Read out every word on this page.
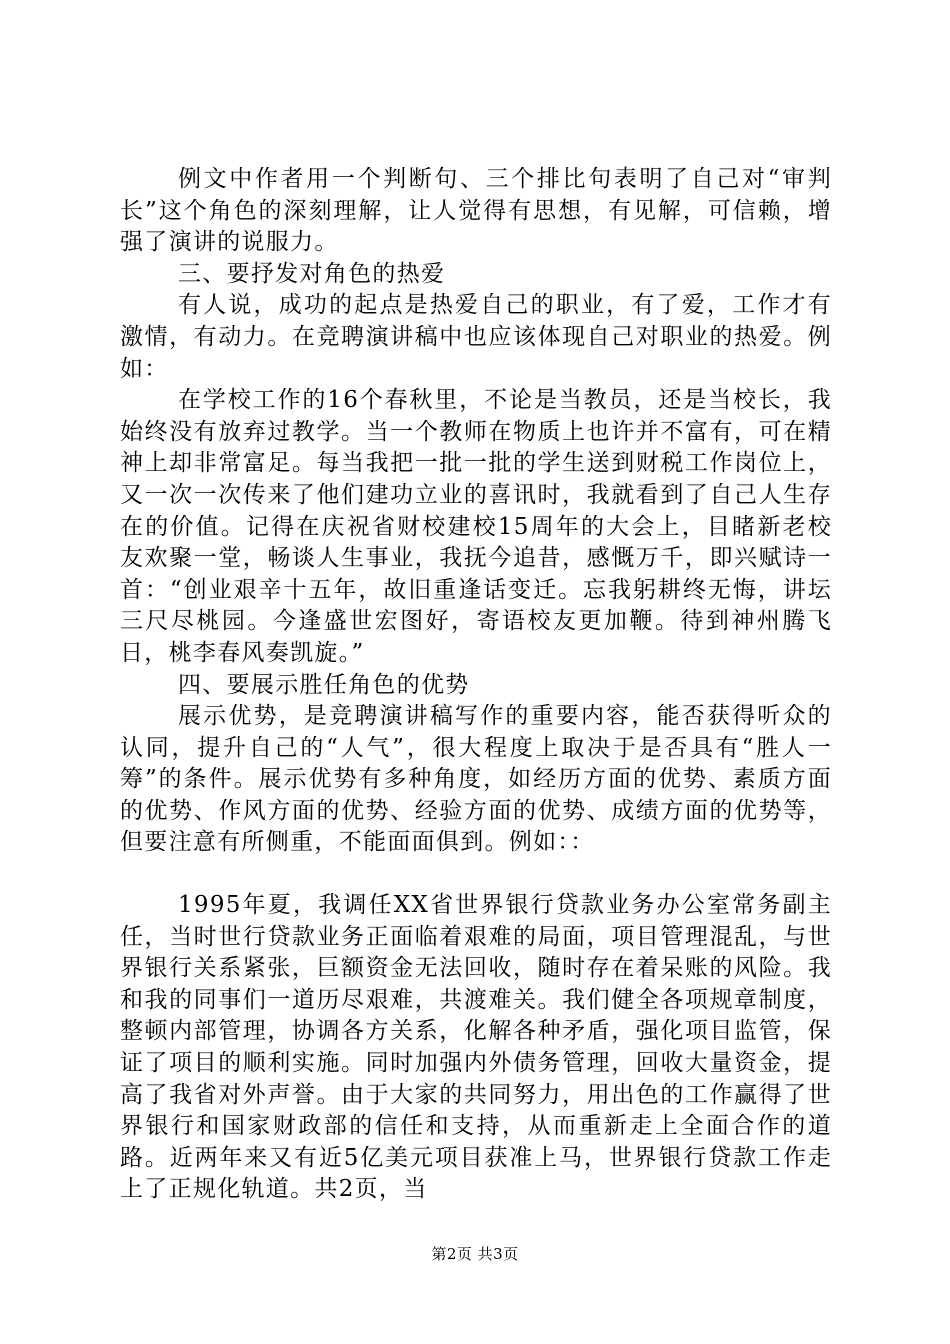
例文中作者用一个判断句、三个排比句表明了自己对“审判长”这个角色的深刻理解，让人觉得有思想，有见解，可信赖，增强了演讲的说服力。

三、要抒发对角色的热爱

有人说，成功的起点是热爱自己的职业，有了爱，工作才有激情，有动力。在竞聘演讲稿中也应该体现自己对职业的热爱。例如：

在学校工作的16个春秋里，不论是当教员，还是当校长，我始终没有放弃过教学。当一个教师在物质上也许并不富有，可在精神上却非常富足。每当我把一批一批的学生送到财税工作岗位上，又一次一次传来了他们建功立业的喜讯时，我就看到了自己人生存在的价值。记得在庆祝省财校建校15周年的大会上，目睹新老校友欢聚一堂，畅谈人生事业，我抚今追昔，感慨万千，即兴赋诗一首：“创业艰辛十五年，故旧重逢话变迁。忘我躬耕终无悔，讲坛三尺尽桃园。今逢盛世宏图好，寄语校友更加鞭。待到神州腾飞日，桃李春风奏凯旋。”

四、要展示胜任角色的优势

展示优势，是竞聘演讲稿写作的重要内容，能否获得听众的认同，提升自己的“人气”，很大程度上取决于是否具有“胜人一筹”的条件。展示优势有多种角度，如经历方面的优势、素质方面的优势、作风方面的优势、经验方面的优势、成绩方面的优势等，但要注意有所侧重，不能面面俱到。例如：：

1995年夏，我调任XX省世界银行贷款业务办公室常务副主任，当时世行贷款业务正面临着艰难的局面，项目管理混乱，与世界银行关系紧张，巨额资金无法回收，随时存在着呆账的风险。我和我的同事们一道历尽艰难，共渡难关。我们健全各项规章制度，整顿内部管理，协调各方关系，化解各种矛盾，强化项目监管，保证了项目的顺利实施。同时加强内外债务管理，回收大量资金，提高了我省对外声誉。由于大家的共同努力，用出色的工作赢得了世界银行和国家财政部的信任和支持，从而重新走上全面合作的道路。近两年来又有近5亿美元项目获准上马，世界银行贷款工作走上了正规化轨道。共2页，当

第2页 共3页
